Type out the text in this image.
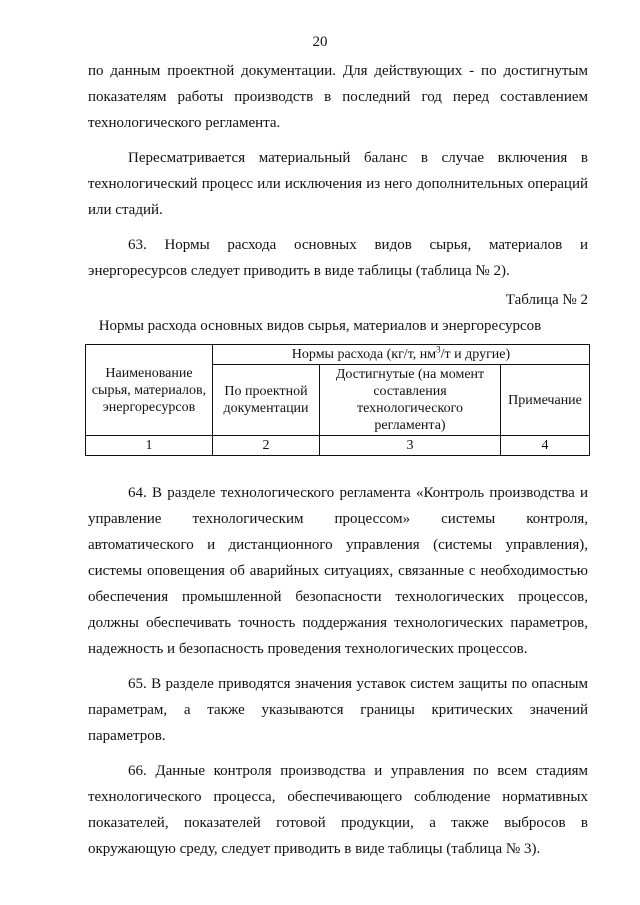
20

по данным проектной документации. Для действующих - по достигнутым показателям работы производств в последний год перед составлением технологического регламента.

Пересматривается материальный баланс в случае включения в технологический процесс или исключения из него дополнительных операций или стадий.

63. Нормы расхода основных видов сырья, материалов и энергоресурсов следует приводить в виде таблицы (таблица № 2).

Таблица № 2
Нормы расхода основных видов сырья, материалов и энергоресурсов
Наименование сырья, материалов, энергоресурсов	Нормы расхода (кг/т, $нм^3/т$ и другие)		
	По проектной документации	Достигнутые (на момент составления технологического регламента)	Примечание
1	2	3	4

64. В разделе технологического регламента «Контроль производства и управление технологическим процессом» системы контроля, автоматического и дистанционного управления (системы управления), системы оповещения об аварийных ситуациях, связанные с необходимостью обеспечения промышленной безопасности технологических процессов, должны обеспечивать точность поддержания технологических параметров, надежность и безопасность проведения технологических процессов.

65. В разделе приводятся значения уставок систем защиты по опасным параметрам, а также указываются границы критических значений параметров.

66. Данные контроля производства и управления по всем стадиям технологического процесса, обеспечивающего соблюдение нормативных показателей, показателей готовой продукции, а также выбросов в окружающую среду, следует приводить в виде таблицы (таблица № 3).
